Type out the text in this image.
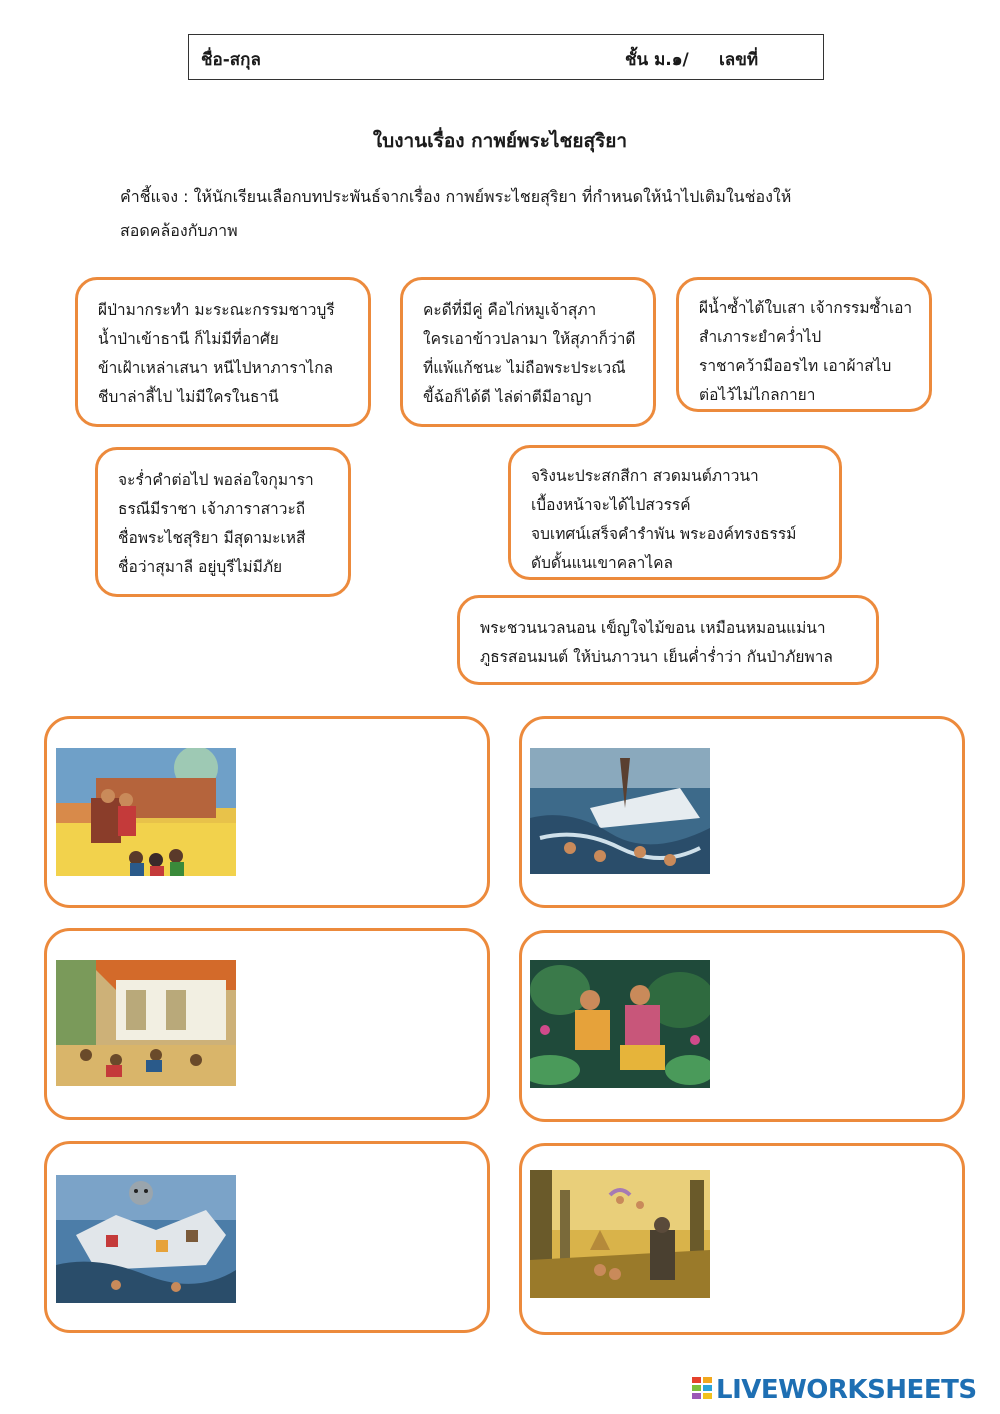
ชื่อ-สกุล	ชั้น ม.๑/ เลขที่
ใบงานเรื่อง กาพย์พระไชยสุริยา
คำชี้แจง : ให้นักเรียนเลือกบทประพันธ์จากเรื่อง กาพย์พระไชยสุริยา ที่กำหนดให้นำไปเติมในช่องให้
สอดคล้องกับภาพ
ผีป่ามากระทำ มะระณะกรรมชาวบูรี
น้ำป่าเข้าธานี ก็ไม่มีที่อาศัย
ข้าเฝ้าเหล่าเสนา หนีไปหาภาราไกล
ชีบาล่าลี้ไป ไม่มีใครในธานี
คะดีที่มีคู่ คือไก่หมูเจ้าสุภา
ใครเอาข้าวปลามา ให้สุภาก็ว่าดี
ที่แพ้แก้ชนะ ไม่ถือพระประเวณี
ขี้ฉ้อก็ได้ดี ไล่ด่าตีมีอาญา
ผีน้ำซ้ำไต้ใบเสา เจ้ากรรมซ้ำเอา
สำเภาระยำคว่ำไป
ราชาคว้ามืออรไท เอาผ้าสไบ
ต่อไว้ไม่ไกลกายา
จะร่ำคำต่อไป พอล่อใจกุมารา
ธรณีมีราชา เจ้าภาราสาวะถี
ชื่อพระไชสุริยา มีสุดามะเหสี
ชื่อว่าสุมาลี อยู่บุรีไม่มีภัย
จริงนะประสกสีกา สวดมนต์ภาวนา
เบื้องหน้าจะได้ไปสวรรค์
จบเทศน์เสร็จคำรำพัน พระองค์ทรงธรรม์
ดับดั้นแนเขาคลาไคล
พระชวนนวลนอน เข็ญใจไม้ขอน เหมือนหมอนแม่นา
ภูธรสอนมนต์ ให้บ่นภาวนา เย็นค่ำร่ำว่า กันป่าภัยพาล
LIVEWORKSHEETS
